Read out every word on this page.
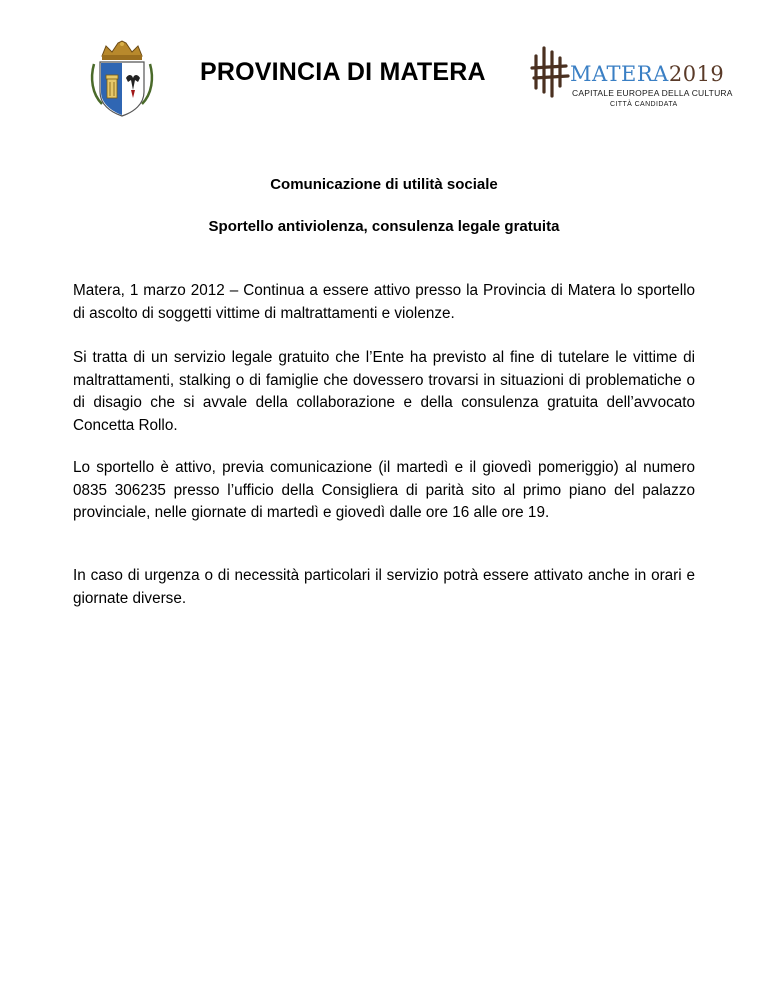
PROVINCIA DI MATERA	MATERA2019
CAPITALE EUROPEA DELLA CULTURA
CITTÀ CANDIDATA
Comunicazione di utilità sociale
Sportello antiviolenza, consulenza legale gratuita
Matera, 1 marzo 2012 – Continua a essere attivo presso la Provincia di Matera lo sportello di ascolto di soggetti vittime di maltrattamenti e violenze.
Si tratta di un servizio legale gratuito che l’Ente ha previsto al fine di tutelare le vittime di maltrattamenti, stalking o di famiglie che dovessero trovarsi in situazioni di problematiche o di disagio che si avvale della collaborazione e della consulenza gratuita dell’avvocato Concetta Rollo.
Lo sportello è attivo, previa comunicazione (il martedì e il giovedì pomeriggio) al numero 0835 306235 presso l’ufficio della Consigliera di parità sito al primo piano del palazzo provinciale, nelle giornate di martedì e giovedì dalle ore 16 alle ore 19.
In caso di urgenza o di necessità particolari il servizio potrà essere attivato anche in orari e giornate diverse.
